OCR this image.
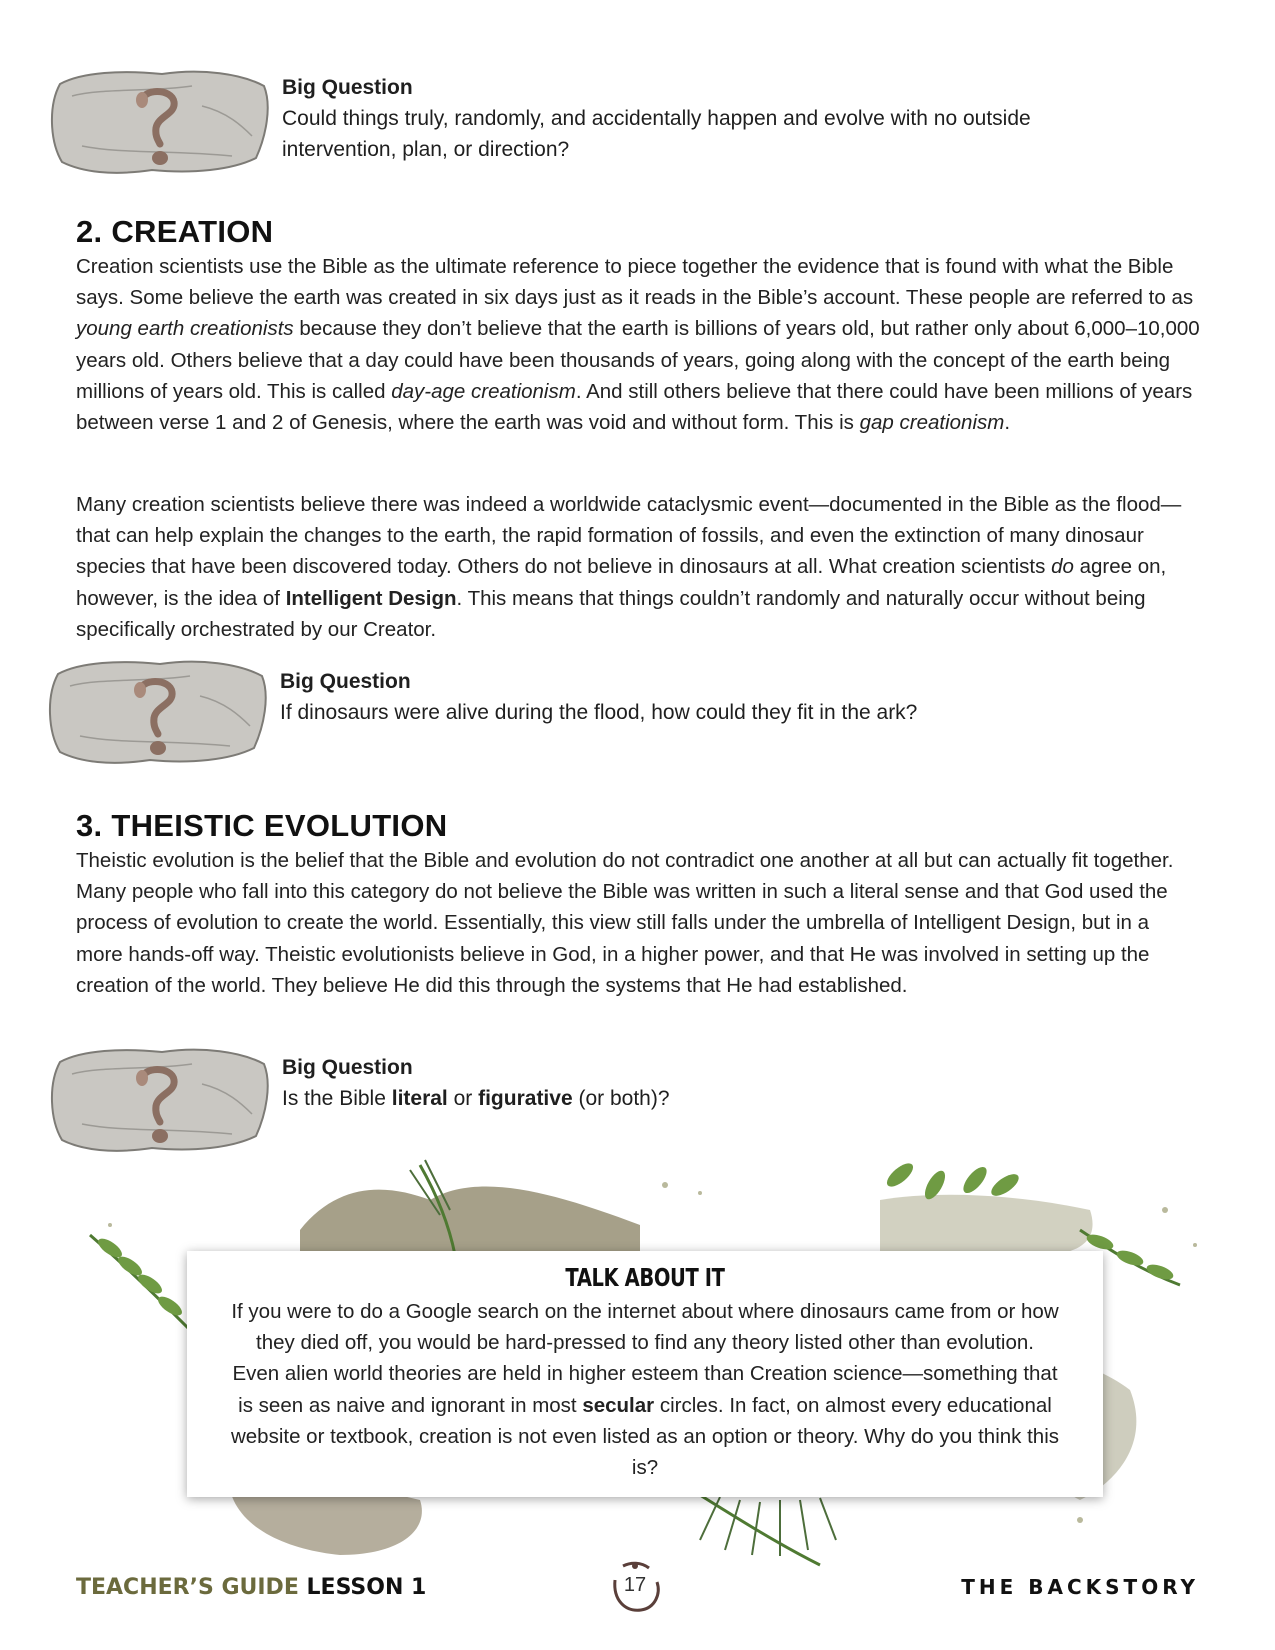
Big Question
Could things truly, randomly, and accidentally happen and evolve with no outside intervention, plan, or direction?
2. CREATION

Creation scientists use the Bible as the ultimate reference to piece together the evidence that is found with what the Bible says. Some believe the earth was created in six days just as it reads in the Bible’s account. These people are referred to as young earth creationists because they don’t believe that the earth is billions of years old, but rather only about 6,000–10,000 years old. Others believe that a day could have been thousands of years, going along with the concept of the earth being millions of years old. This is called day-age creationism. And still others believe that there could have been millions of years between verse 1 and 2 of Genesis, where the earth was void and without form. This is gap creationism.

Many creation scientists believe there was indeed a worldwide cataclysmic event—documented in the Bible as the flood—that can help explain the changes to the earth, the rapid formation of fossils, and even the extinction of many dinosaur species that have been discovered today. Others do not believe in dinosaurs at all. What creation scientists do agree on, however, is the idea of Intelligent Design. This means that things couldn’t randomly and naturally occur without being specifically orchestrated by our Creator.

Big Question
If dinosaurs were alive during the flood, how could they fit in the ark?
3. THEISTIC EVOLUTION

Theistic evolution is the belief that the Bible and evolution do not contradict one another at all but can actually fit together. Many people who fall into this category do not believe the Bible was written in such a literal sense and that God used the process of evolution to create the world. Essentially, this view still falls under the umbrella of Intelligent Design, but in a more hands-off way. Theistic evolutionists believe in God, in a higher power, and that He was involved in setting up the creation of the world. They believe He did this through the systems that He had established.

Big Question
Is the Bible literal or figurative (or both)?
TALK ABOUT IT
If you were to do a Google search on the internet about where dinosaurs came from or how they died off, you would be hard-pressed to find any theory listed other than evolution. Even alien world theories are held in higher esteem than Creation science—something that is seen as naive and ignorant in most secular circles. In fact, on almost every educational website or textbook, creation is not even listed as an option or theory. Why do you think this is?
TEACHER’S GUIDE LESSON 1	17	THE BACKSTORY
